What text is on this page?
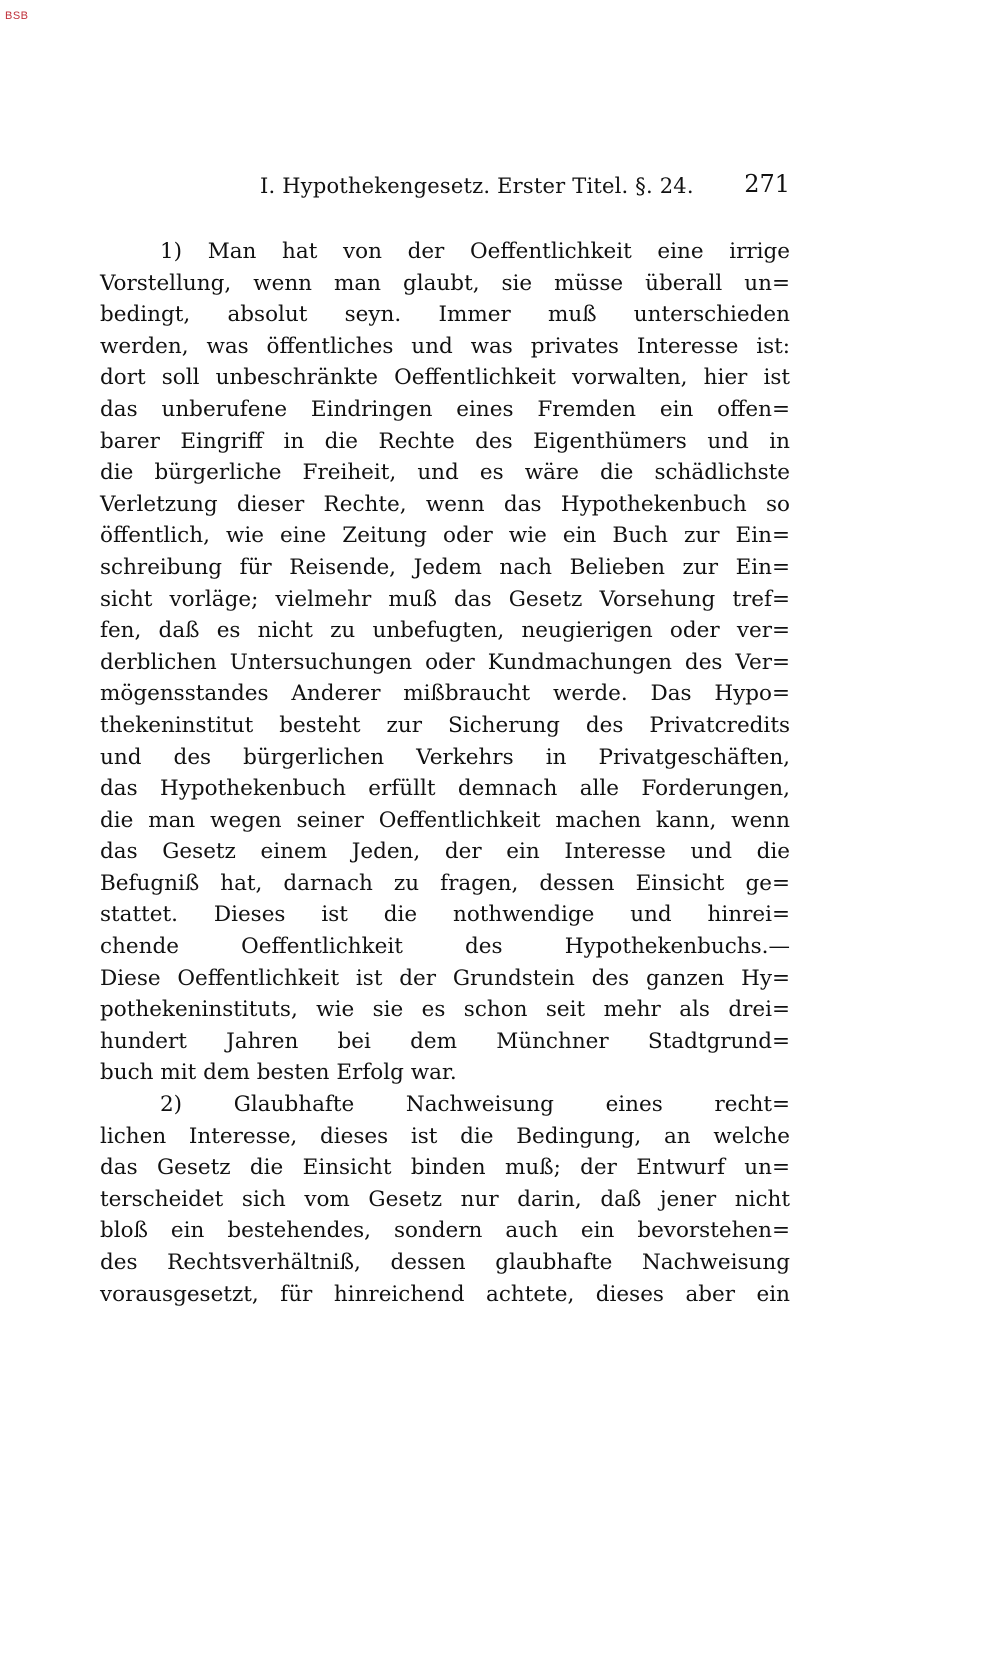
BSB
I. Hypothekengesetz. Erster Titel. §. 24. 271
1) Man hat von der Oeffentlichkeit eine irrige
Vorstellung, wenn man glaubt, sie müsse überall un=
bedingt, absolut seyn. Immer muß unterschieden
werden, was öffentliches und was privates Interesse ist:
dort soll unbeschränkte Oeffentlichkeit vorwalten, hier ist
das unberufene Eindringen eines Fremden ein offen=
barer Eingriff in die Rechte des Eigenthümers und in
die bürgerliche Freiheit, und es wäre die schädlichste
Verletzung dieser Rechte, wenn das Hypothekenbuch so
öffentlich, wie eine Zeitung oder wie ein Buch zur Ein=
schreibung für Reisende, Jedem nach Belieben zur Ein=
sicht vorläge; vielmehr muß das Gesetz Vorsehung tref=
fen, daß es nicht zu unbefugten, neugierigen oder ver=
derblichen Untersuchungen oder Kundmachungen des Ver=
mögensstandes Anderer mißbraucht werde. Das Hypo=
thekeninstitut besteht zur Sicherung des Privatcredits
und des bürgerlichen Verkehrs in Privatgeschäften,
das Hypothekenbuch erfüllt demnach alle Forderungen,
die man wegen seiner Oeffentlichkeit machen kann, wenn
das Gesetz einem Jeden, der ein Interesse und die
Befugniß hat, darnach zu fragen, dessen Einsicht ge=
stattet. Dieses ist die nothwendige und hinrei=
chende Oeffentlichkeit des Hypothekenbuchs.—
Diese Oeffentlichkeit ist der Grundstein des ganzen Hy=
pothekeninstituts, wie sie es schon seit mehr als drei=
hundert Jahren bei dem Münchner Stadtgrund=
buch mit dem besten Erfolg war.
2) Glaubhafte Nachweisung eines recht=
lichen Interesse, dieses ist die Bedingung, an welche
das Gesetz die Einsicht binden muß; der Entwurf un=
terscheidet sich vom Gesetz nur darin, daß jener nicht
bloß ein bestehendes, sondern auch ein bevorstehen=
des Rechtsverhältniß, dessen glaubhafte Nachweisung
vorausgesetzt, für hinreichend achtete, dieses aber ein
